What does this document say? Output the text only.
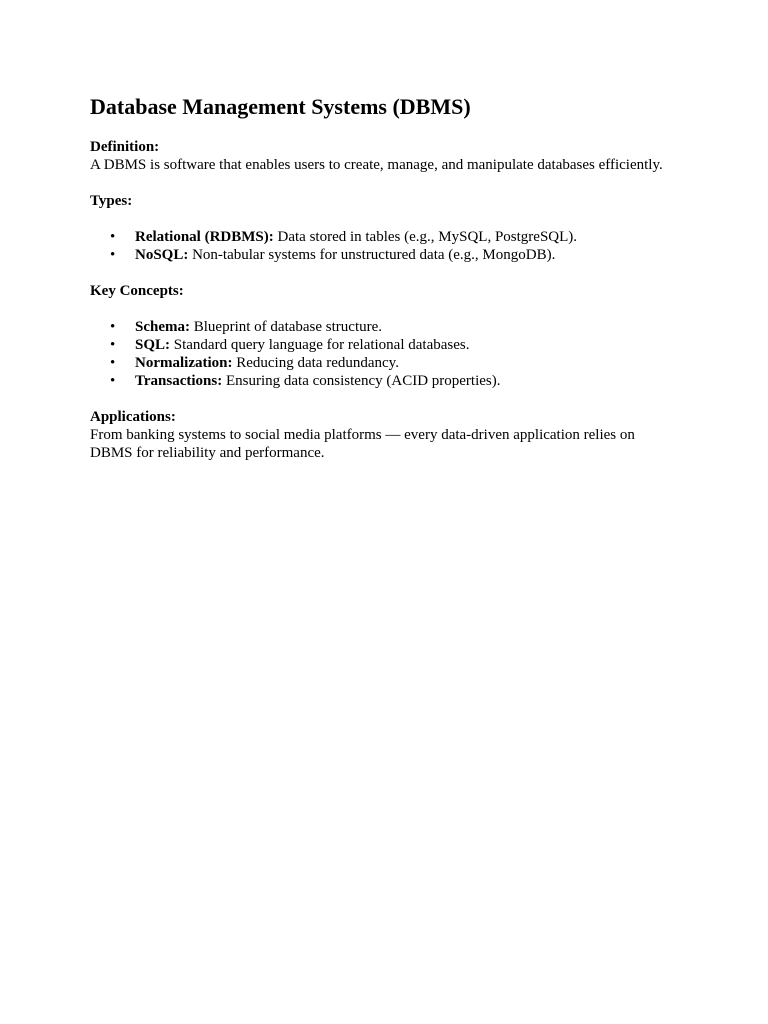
Database Management Systems (DBMS)

Definition:

A DBMS is software that enables users to create, manage, and manipulate databases efficiently.

Types:

• Relational (RDBMS): Data stored in tables (e.g., MySQL, PostgreSQL).
• NoSQL: Non-tabular systems for unstructured data (e.g., MongoDB).

Key Concepts:

• Schema: Blueprint of database structure.
• SQL: Standard query language for relational databases.
• Normalization: Reducing data redundancy.
• Transactions: Ensuring data consistency (ACID properties).

Applications:

From banking systems to social media platforms — every data-driven application relies on DBMS for reliability and performance.
